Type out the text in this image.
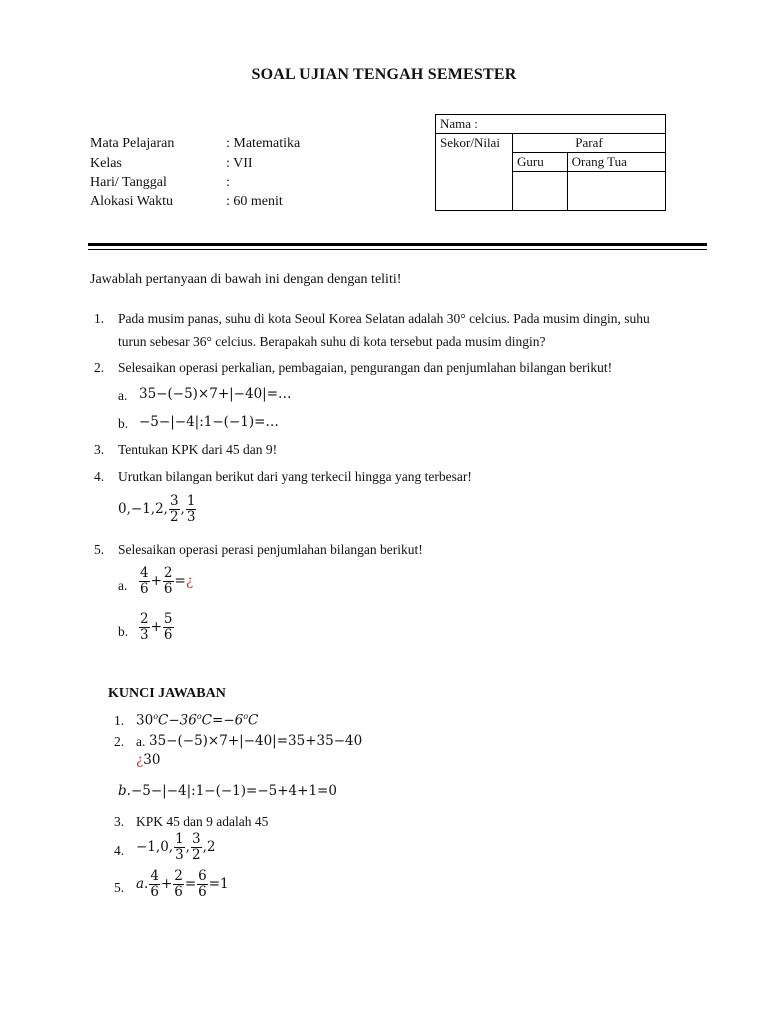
SOAL UJIAN TENGAH SEMESTER
Mata Pelajaran	: Matematika
Kelas	: VII
Hari/ Tanggal	:
Alokasi Waktu	: 60 menit
Nama :		
Sekor/Nilai	Paraf	
	Guru	Orang Tua

Jawablah pertanyaan di bawah ini dengan dengan teliti!
1. Pada musim panas, suhu di kota Seoul Korea Selatan adalah 30° celcius. Pada musim dingin, suhu
turun sebesar 36° celcius. Berapakah suhu di kota tersebut pada musim dingin?
2. Selesaikan operasi perkalian, pembagaian, pengurangan dan penjumlahan bilangan berikut!
a. 35−(−5)×7+|−40|=…
b. −5−|−4|:1−(−1)=…
3. Tentukan KPK dari 45 dan 9!
4. Urutkan bilangan berikut dari yang terkecil hingga yang terbesar!
0,−1,2, $\frac{3}{2}$ , $\frac{1}{3}$
5. Selesaikan operasi perasi penjumlahan bilangan berikut!
a. $\frac{4}{6} + \frac{2}{6}$ =¿
b. $\frac{2}{3} + \frac{5}{6}$
KUNCI JAWABAN
1. $30^oC-36^oC=-6^oC$
2. a. 35−(−5)×7+|−40|=35+35−40
¿30
b.−5−|−4|:1−(−1)=−5+4+1=0
3. KPK 45 dan 9 adalah 45
4. −1,0, $\frac{1}{3}$ , $\frac{3}{2} ,2$
5. a. $\frac{4}{6} + \frac{2}{6} = \frac{6}{6} =1$
